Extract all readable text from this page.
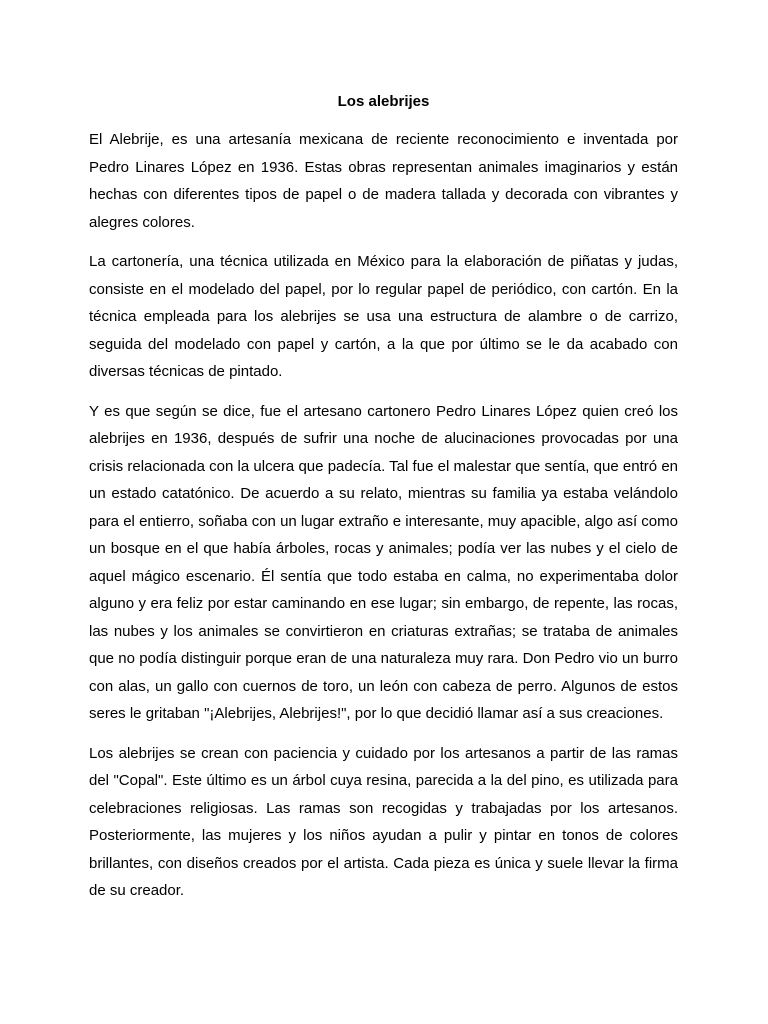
Los alebrijes

El Alebrije, es una artesanía mexicana de reciente reconocimiento e inventada por Pedro Linares López en 1936. Estas obras representan animales imaginarios y están hechas con diferentes tipos de papel o de madera tallada y decorada con vibrantes y alegres colores.

La cartonería, una técnica utilizada en México para la elaboración de piñatas y judas, consiste en el modelado del papel, por lo regular papel de periódico, con cartón. En la técnica empleada para los alebrijes se usa una estructura de alambre o de carrizo, seguida del modelado con papel y cartón, a la que por último se le da acabado con diversas técnicas de pintado.

Y es que según se dice, fue el artesano cartonero Pedro Linares López quien creó los alebrijes en 1936, después de sufrir una noche de alucinaciones provocadas por una crisis relacionada con la ulcera que padecía. Tal fue el malestar que sentía, que entró en un estado catatónico. De acuerdo a su relato, mientras su familia ya estaba velándolo para el entierro, soñaba con un lugar extraño e interesante, muy apacible, algo así como un bosque en el que había árboles, rocas y animales; podía ver las nubes y el cielo de aquel mágico escenario. Él sentía que todo estaba en calma, no experimentaba dolor alguno y era feliz por estar caminando en ese lugar; sin embargo, de repente, las rocas, las nubes y los animales se convirtieron en criaturas extrañas; se trataba de animales que no podía distinguir porque eran de una naturaleza muy rara. Don Pedro vio un burro con alas, un gallo con cuernos de toro, un león con cabeza de perro. Algunos de estos seres le gritaban "¡Alebrijes, Alebrijes!", por lo que decidió llamar así a sus creaciones.

Los alebrijes se crean con paciencia y cuidado por los artesanos a partir de las ramas del "Copal". Este último es un árbol cuya resina, parecida a la del pino, es utilizada para celebraciones religiosas. Las ramas son recogidas y trabajadas por los artesanos. Posteriormente, las mujeres y los niños ayudan a pulir y pintar en tonos de colores brillantes, con diseños creados por el artista. Cada pieza es única y suele llevar la firma de su creador.
